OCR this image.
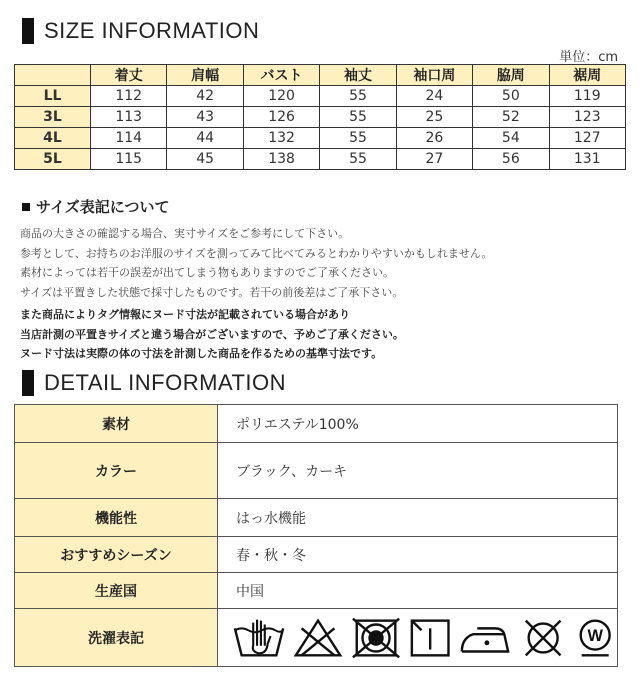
SIZE INFORMATION
単位：cm
	着丈	肩幅	バスト	袖丈	袖口周	脇周	裾周
LL	112	42	120	55	24	50	119
3L	113	43	126	55	25	52	123
4L	114	44	132	55	26	54	127
5L	115	45	138	55	27	56	131
サイズ表記について
商品の大きさの確認する場合、実寸サイズをご参考にして下さい。
参考として、お持ちのお洋服のサイズを測ってみて比べてみるとわかりやすいかもしれません。
素材によっては若干の誤差が出てしまう物もありますのでご了承ください。
サイズは平置きした状態で採寸したものです。若干の前後差はご了承下さい。
また商品によりタグ情報にヌード寸法が記載されている場合があり
当店計測の平置きサイズと違う場合がございますので、予めご了承ください。
ヌード寸法は実際の体の寸法を計測した商品を作るための基準寸法です。
DETAIL INFORMATION
素材	ポリエステル100%
カラー	ブラック、カーキ
機能性	はっ水機能
おすすめシーズン	春・秋・冬
生産国	中国
洗濯表記	W
